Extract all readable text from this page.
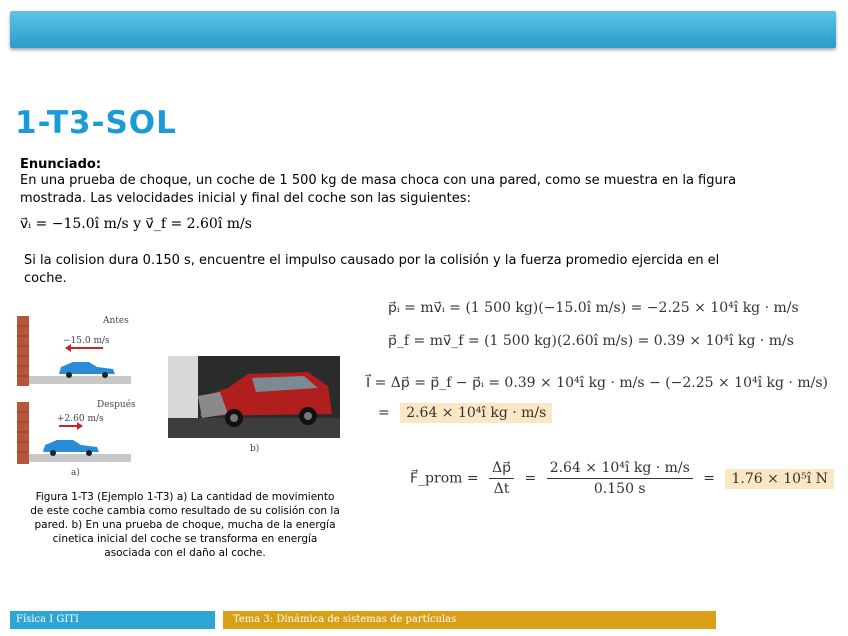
1-T3-SOL
Enunciado:
En una prueba de choque, un coche de 1 500 kg de masa choca con una pared, como se muestra en la figura mostrada. Las velocidades inicial y final del coche son las siguientes:
v⃗ᵢ = −15.0î m/s y v⃗_f = 2.60î m/s
Si la colision dura 0.150 s, encuentre el impulso causado por la colisión y la fuerza promedio ejercida en el coche.
Antes
−15.0 m/s
Después
+2.60 m/s
a)
b)
Figura 1-T3 (Ejemplo 1-T3) a) La cantidad de movimiento de este coche cambia como resultado de su colisión con la pared. b) En una prueba de choque, mucha de la energía cinetica inicial del coche se transforma en energía asociada con el daño al coche.
p⃗ᵢ = mv⃗ᵢ = (1 500 kg)(−15.0î m/s) = −2.25 × 10⁴î kg · m/s
p⃗_f = mv⃗_f = (1 500 kg)(2.60î m/s) = 0.39 × 10⁴î kg · m/s
I⃗ = Δp⃗ = p⃗_f − p⃗ᵢ = 0.39 × 10⁴î kg · m/s − (−2.25 × 10⁴î kg · m/s)
= 2.64 × 10⁴î kg · m/s
F⃗_prom = $\frac{\Delta p⃗}{\Delta t} = \frac{\text{2.64 × 10⁴î kg · m/s}}{0.150 s} = 1.76$ × 10⁵î N
Física I GITI	Tema 3: Dinámica de sistemas de partículas
